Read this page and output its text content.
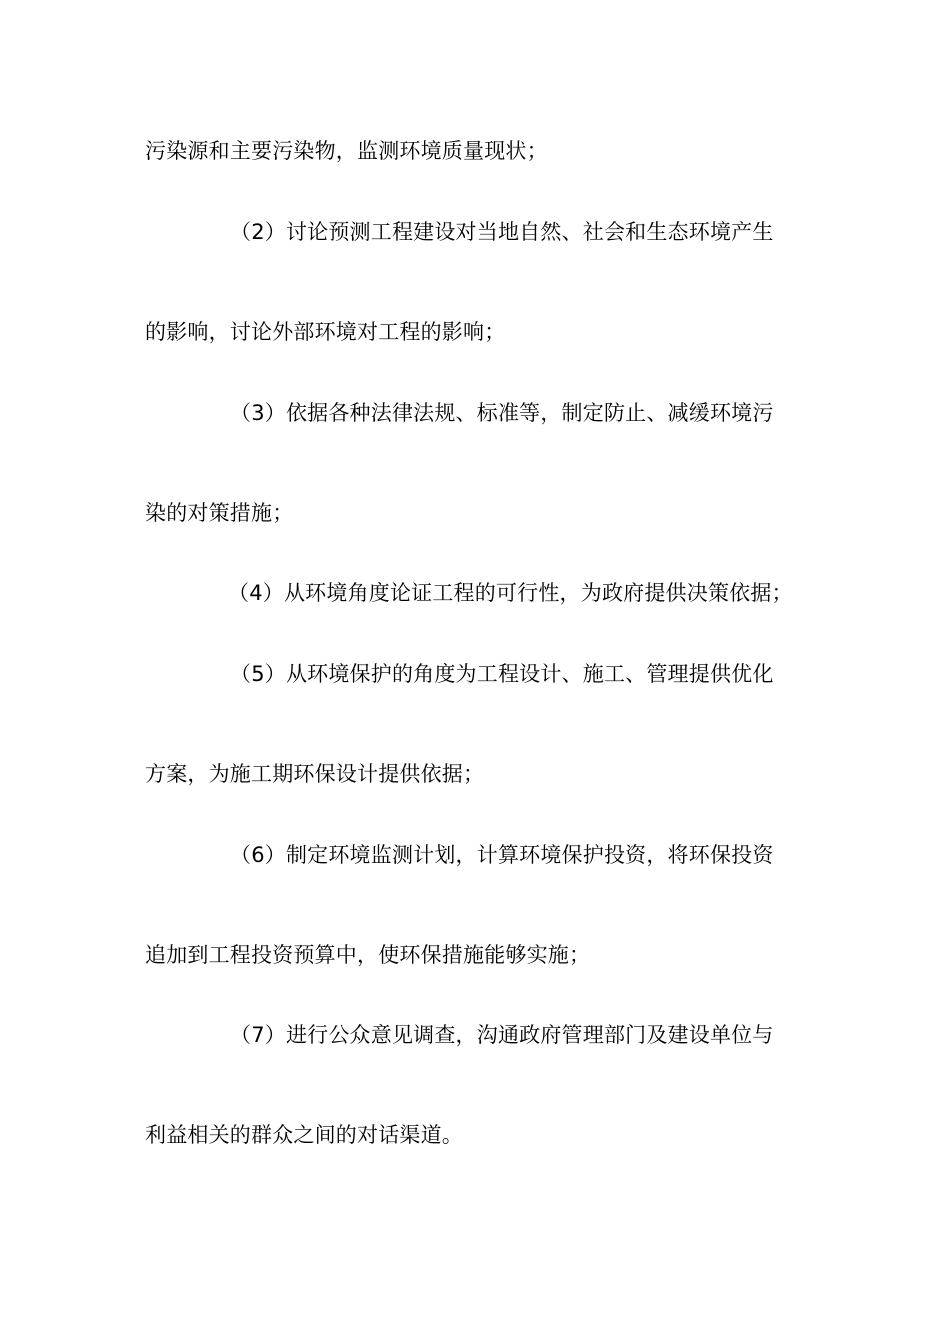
污染源和主要污染物，监测环境质量现状；
（2）讨论预测工程建设对当地自然、社会和生态环境产生
的影响，讨论外部环境对工程的影响；
（3）依据各种法律法规、标准等，制定防止、减缓环境污
染的对策措施；
（4）从环境角度论证工程的可行性，为政府提供决策依据；
（5）从环境保护的角度为工程设计、施工、管理提供优化
方案，为施工期环保设计提供依据；
（6）制定环境监测计划，计算环境保护投资，将环保投资
追加到工程投资预算中，使环保措施能够实施；
（7）进行公众意见调查，沟通政府管理部门及建设单位与
利益相关的群众之间的对话渠道。
